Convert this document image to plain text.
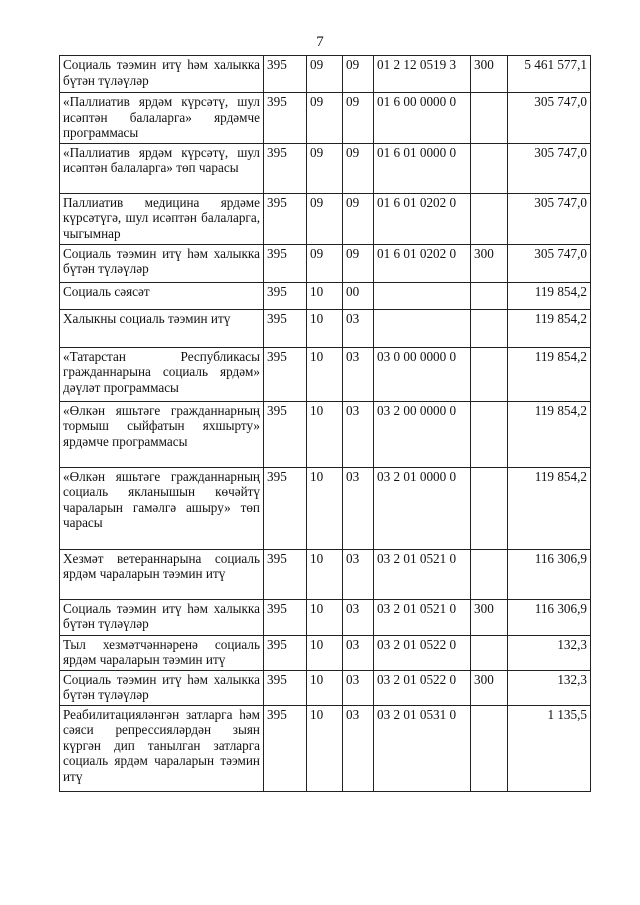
7
Социаль тәэмин итү һәм халыкка бүтән түләүләр	395	09	09	01 2 12 0519 3	300	5 461 577,1
«Паллиатив ярдәм күрсәтү, шул исәптән балаларга» ярдәмче программасы	395	09	09	01 6 00 0000 0		305 747,0
«Паллиатив ярдәм күрсәтү, шул исәптән балаларга» төп чарасы	395	09	09	01 6 01 0000 0		305 747,0
Паллиатив медицина ярдәме күрсәтүгә, шул исәптән балаларга, чыгымнар	395	09	09	01 6 01 0202 0		305 747,0
Социаль тәэмин итү һәм халыкка бүтән түләүләр	395	09	09	01 6 01 0202 0	300	305 747,0
Социаль сәясәт	395	10	00			119 854,2
Халыкны социаль тәэмин итү	395	10	03			119 854,2
«Татарстан Республикасы гражданнарына социаль ярдәм» дәүләт программасы	395	10	03	03 0 00 0000 0		119 854,2
«Өлкән яшьтәге гражданнарның тормыш сыйфатын яхшырту» ярдәмче программасы	395	10	03	03 2 00 0000 0		119 854,2
«Өлкән яшьтәге гражданнарның социаль якланышын көчәйтү чараларын гамәлгә ашыру» төп чарасы	395	10	03	03 2 01 0000 0		119 854,2
Хезмәт ветераннарына социаль ярдәм чараларын тәэмин итү	395	10	03	03 2 01 0521 0		116 306,9
Социаль тәэмин итү һәм халыкка бүтән түләүләр	395	10	03	03 2 01 0521 0	300	116 306,9
Тыл хезмәтчәннәренә социаль ярдәм чараларын тәэмин итү	395	10	03	03 2 01 0522 0		132,3
Социаль тәэмин итү һәм халыкка бүтән түләүләр	395	10	03	03 2 01 0522 0	300	132,3
Реабилитацияләнгән затларга һәм сәяси репрессияләрдән зыян күргән дип танылган затларга социаль ярдәм чараларын тәэмин итү	395	10	03	03 2 01 0531 0		1 135,5
